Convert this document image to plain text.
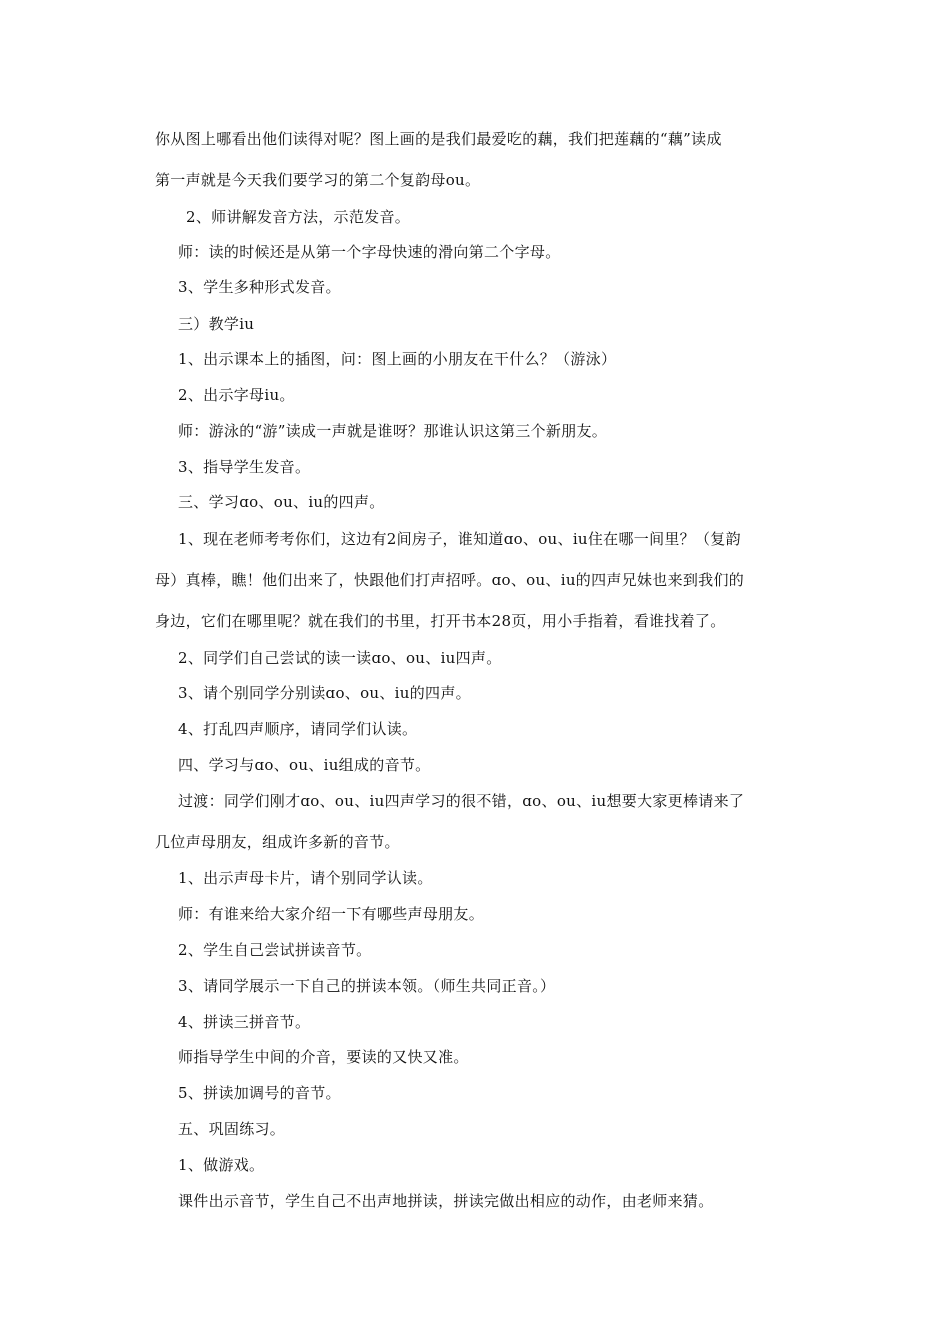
你从图上哪看出他们读得对呢？图上画的是我们最爱吃的藕，我们把莲藕的“藕”读成
第一声就是今天我们要学习的第二个复韵母ou。
2、师讲解发音方法，示范发音。
师：读的时候还是从第一个字母快速的滑向第二个字母。
3、学生多种形式发音。
三）教学iu
1、出示课本上的插图，问：图上画的小朋友在干什么？（游泳）
2、出示字母iu。
师：游泳的“游”读成一声就是谁呀？那谁认识这第三个新朋友。
3、指导学生发音。
三、学习ɑo、ou、iu的四声。
1、现在老师考考你们，这边有2间房子，谁知道ɑo、ou、iu住在哪一间里？（复韵
母）真棒，瞧！他们出来了，快跟他们打声招呼。ɑo、ou、iu的四声兄妹也来到我们的
身边，它们在哪里呢？就在我们的书里，打开书本28页，用小手指着，看谁找着了。
2、同学们自己尝试的读一读ɑo、ou、iu四声。
3、请个别同学分别读ɑo、ou、iu的四声。
4、打乱四声顺序，请同学们认读。
四、学习与ɑo、ou、iu组成的音节。
过渡：同学们刚才ɑo、ou、iu四声学习的很不错，ɑo、ou、iu想要大家更棒请来了
几位声母朋友，组成许多新的音节。
1、出示声母卡片，请个别同学认读。
师：有谁来给大家介绍一下有哪些声母朋友。
2、学生自己尝试拼读音节。
3、请同学展示一下自己的拼读本领。（师生共同正音。）
4、拼读三拼音节。
师指导学生中间的介音，要读的又快又准。
5、拼读加调号的音节。
五、巩固练习。
1、做游戏。
课件出示音节，学生自己不出声地拼读，拼读完做出相应的动作，由老师来猜。
